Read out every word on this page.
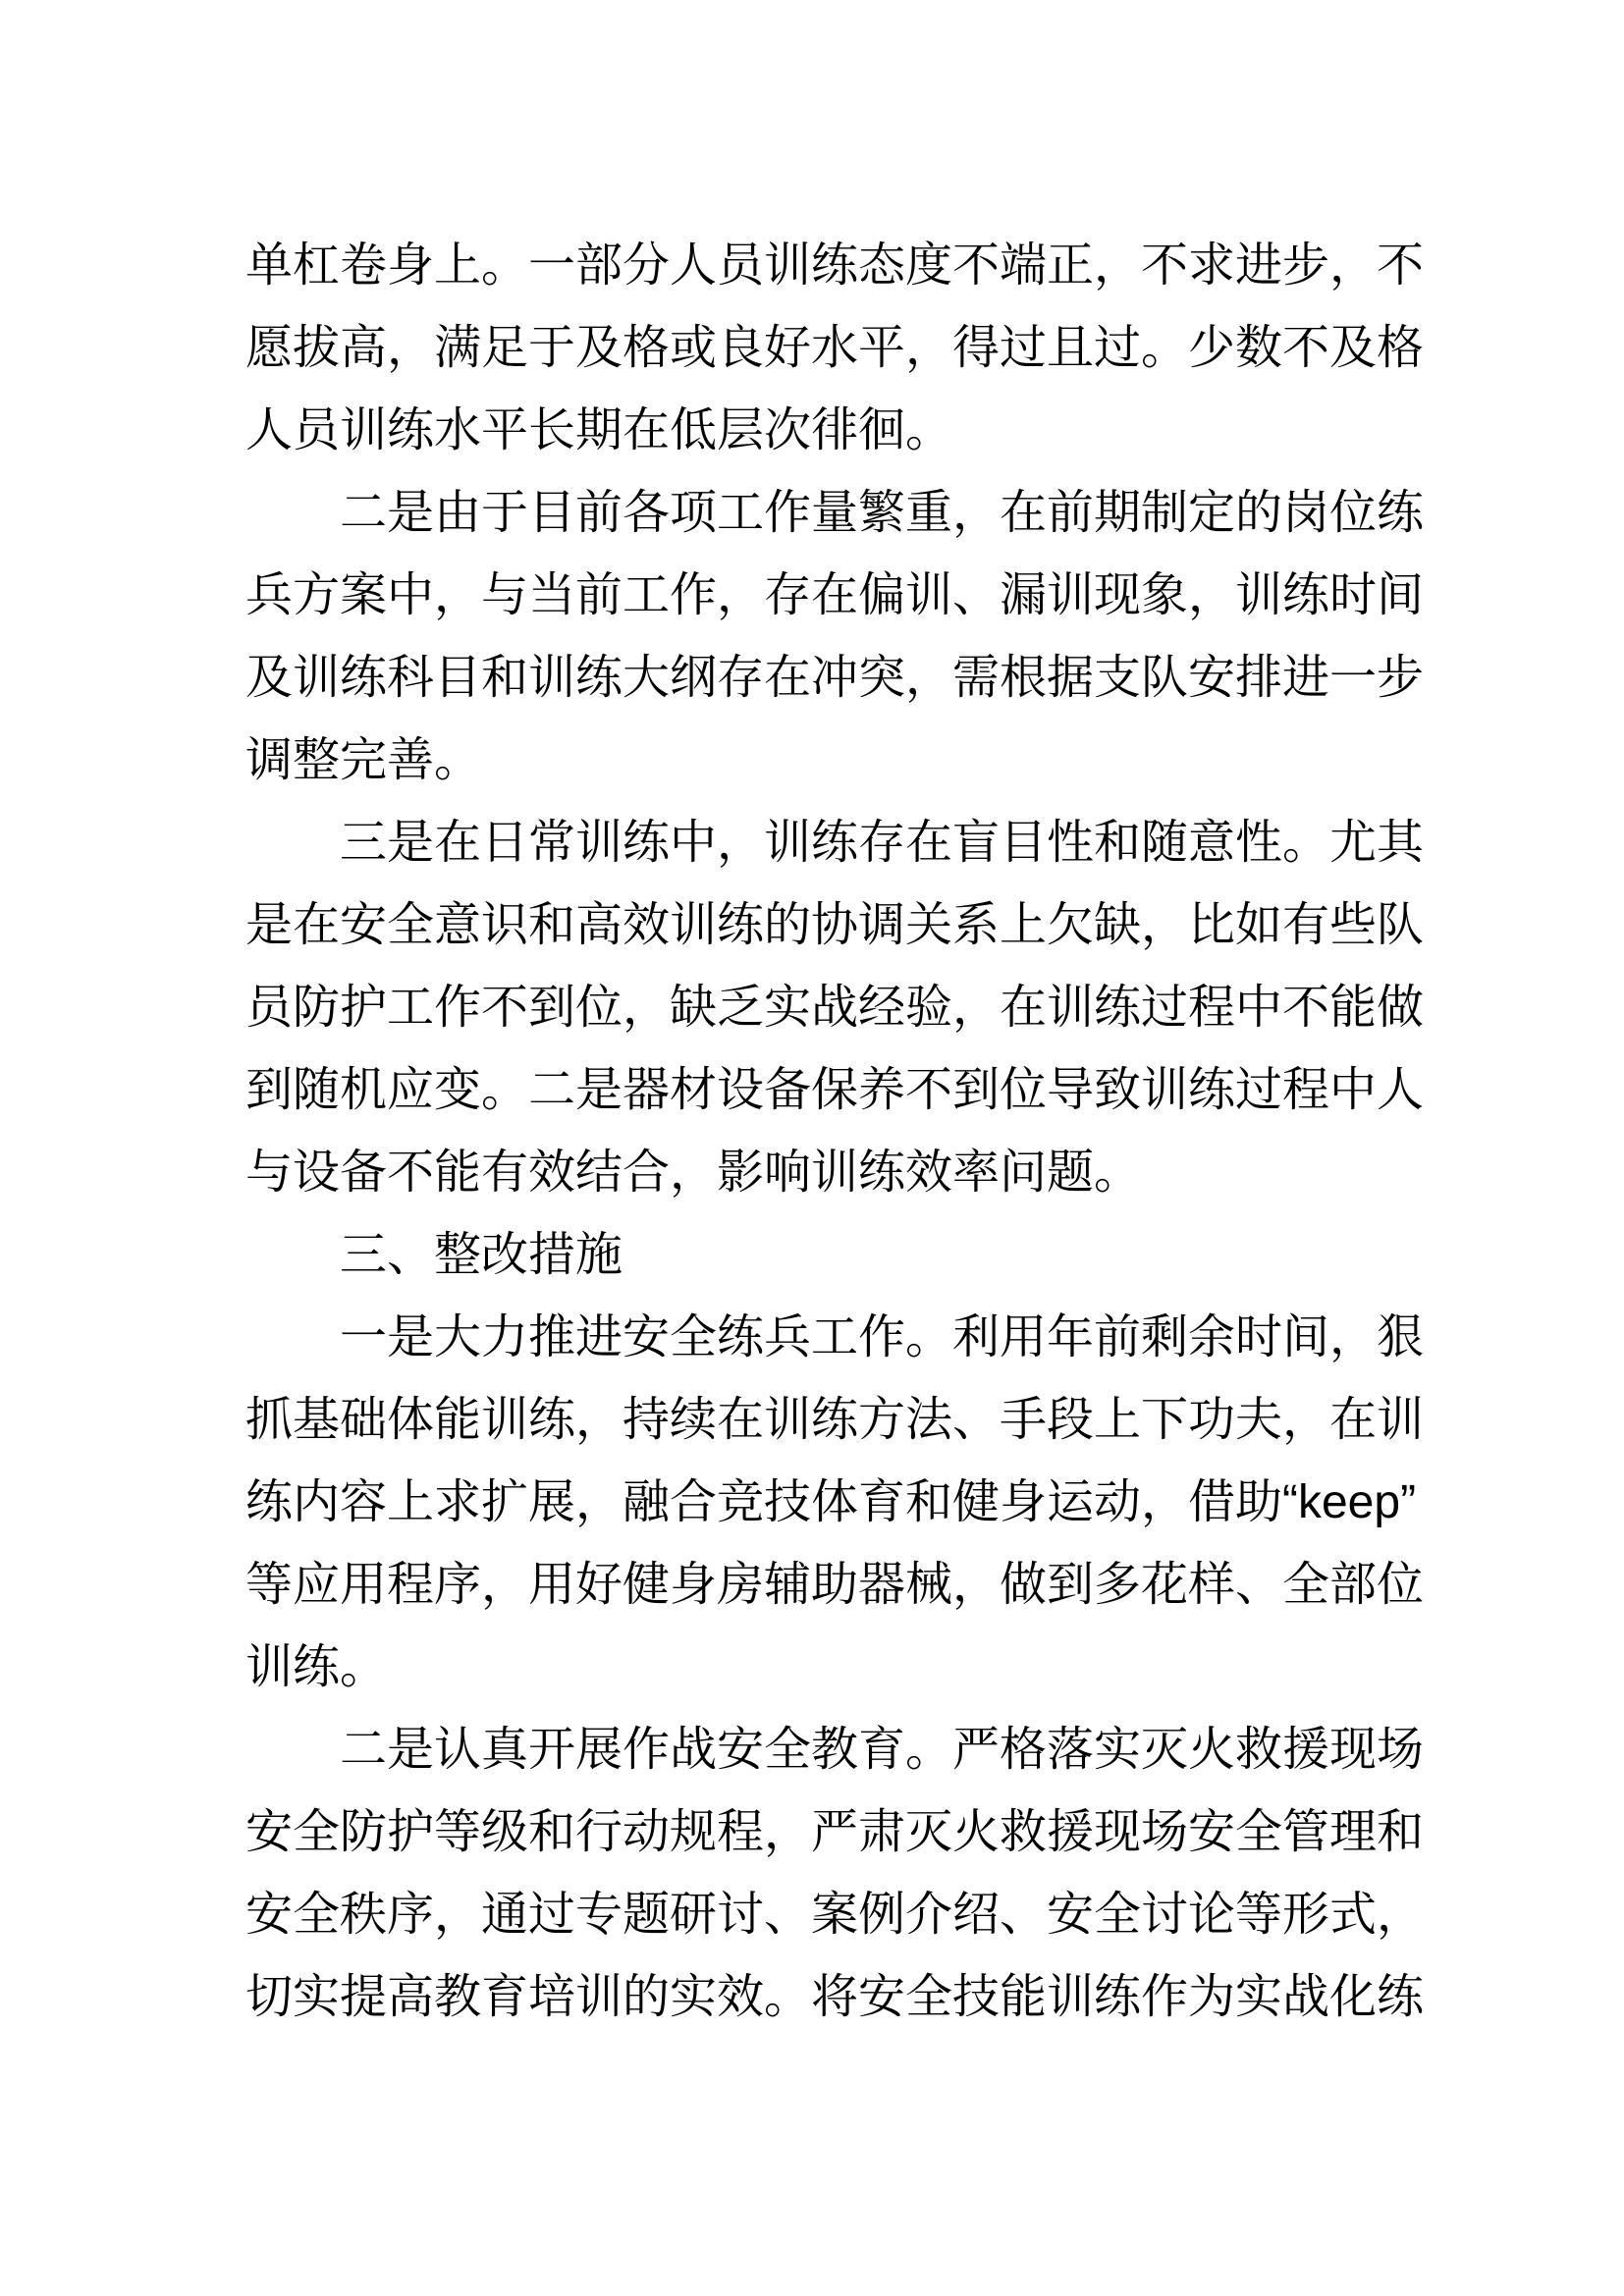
单杠卷身上。一部分人员训练态度不端正，不求进步，不
愿拔高，满足于及格或良好水平，得过且过。少数不及格
人员训练水平长期在低层次徘徊。
二是由于目前各项工作量繁重，在前期制定的岗位练
兵方案中，与当前工作，存在偏训、漏训现象，训练时间
及训练科目和训练大纲存在冲突，需根据支队安排进一步
调整完善。
三是在日常训练中，训练存在盲目性和随意性。尤其
是在安全意识和高效训练的协调关系上欠缺，比如有些队
员防护工作不到位，缺乏实战经验，在训练过程中不能做
到随机应变。二是器材设备保养不到位导致训练过程中人
与设备不能有效结合，影响训练效率问题。
三、整改措施
一是大力推进安全练兵工作。利用年前剩余时间，狠
抓基础体能训练，持续在训练方法、手段上下功夫，在训
练内容上求扩展，融合竞技体育和健身运动，借助“keep”
等应用程序，用好健身房辅助器械，做到多花样、全部位
训练。
二是认真开展作战安全教育。严格落实灭火救援现场
安全防护等级和行动规程，严肃灭火救援现场安全管理和
安全秩序，通过专题研讨、案例介绍、安全讨论等形式，
切实提高教育培训的实效。将安全技能训练作为实战化练
